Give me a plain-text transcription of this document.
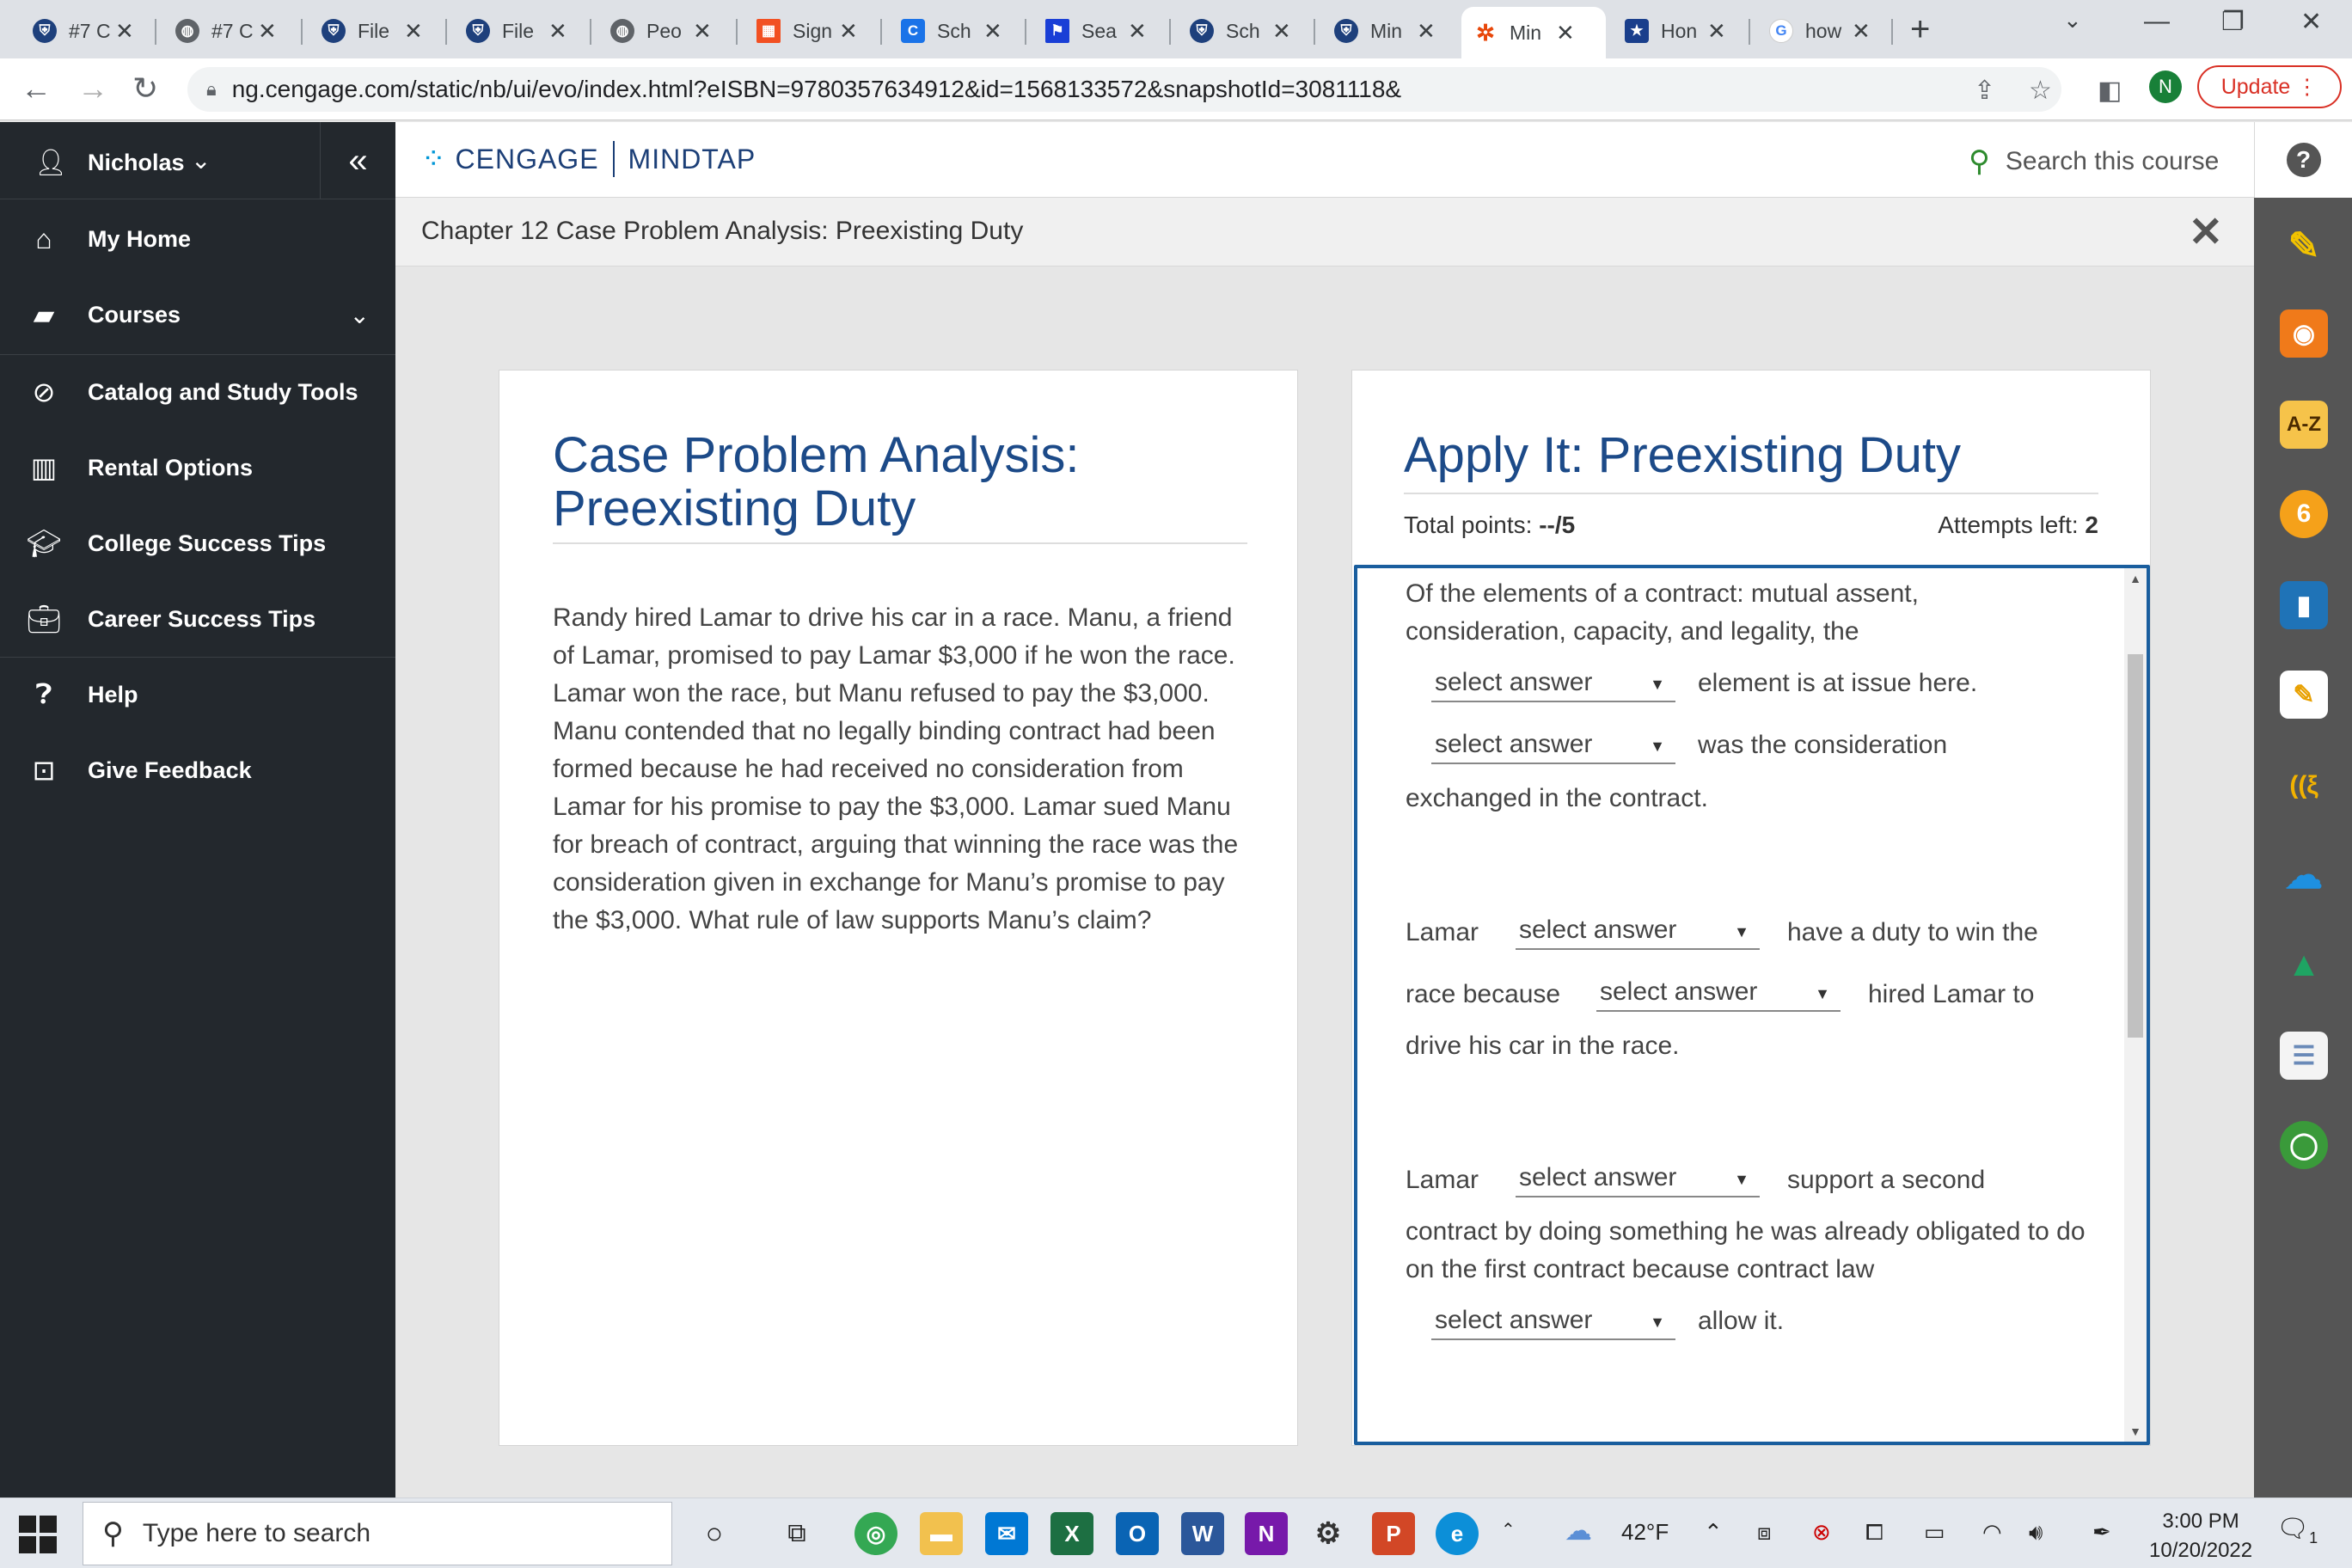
⛨ #7 C ✕	◍ #7 C ✕	⛨ File ✕	⛨ File ✕	◍ Peo ✕	▦ Sign ✕	C Sch ✕	⚑ Sea ✕	⛨ Sch ✕	⛨ Min ✕ ✲ Min ✕	★ Hon ✕	G how ✕ +	⌄ — ❐ ✕
← → ↻	🔒︎ ng.cengage.com/static/nb/ui/evo/index.html?eISBN=9780357634912&id=1568133572&snapshotId=3081118&	⇪ ☆ ◧	N	Update ⋮
👤︎ Nicholas ⌄	«
⌂	My Home
▰	Courses	⌄
⊘	Catalog and Study Tools
▥	Rental Options
🎓︎	College Success Tips
💼︎	Career Success Tips
❓︎	Help
⊡	Give Feedback
⁘ CENGAGE MINDTAP	⚲ Search this course	?
Chapter 12 Case Problem Analysis: Preexisting Duty	✕ ✎
◉
A-Z
6
▮
✎
((ξ
☁
▲
☰
◯
Case Problem Analysis: Preexisting Duty
Randy hired Lamar to drive his car in a race. Manu, a friend of Lamar, promised to pay Lamar $3,000 if he won the race. Lamar won the race, but Manu refused to pay the $3,000. Manu contended that no legally binding contract had been formed because he had received no consideration from Lamar for his promise to pay the $3,000. Lamar sued Manu for breach of contract, arguing that winning the race was the consideration given in exchange for Manu’s promise to pay the $3,000. What rule of law supports Manu’s claim?
Apply It: Preexisting Duty
Total points: --/5	Attempts left: 2
▲
▼
Of the elements of a contract: mutual assent, consideration, capacity, and legality, the
select answer	▼ element is at issue here.
select answer	▼ was the consideration
exchanged in the contract.
Lamar select answer	▼ have a duty to win the
race because select answer	▼ hired Lamar to
drive his car in the race.
Lamar select answer	▼ support a second
contract by doing something he was already obligated to do on the first contract because contract law
select answer	▼ allow it.
⚲ Type here to search	○	⧉	◎	▬	✉	X	O	W	N	⚙	P	e	⌃ ☁ 42°F ⌃ ⧈ ⊗ ⧠ ▭ ◠ 🔊︎ ✒	3:00 PM
10/20/2022
$🗨︎_1$
